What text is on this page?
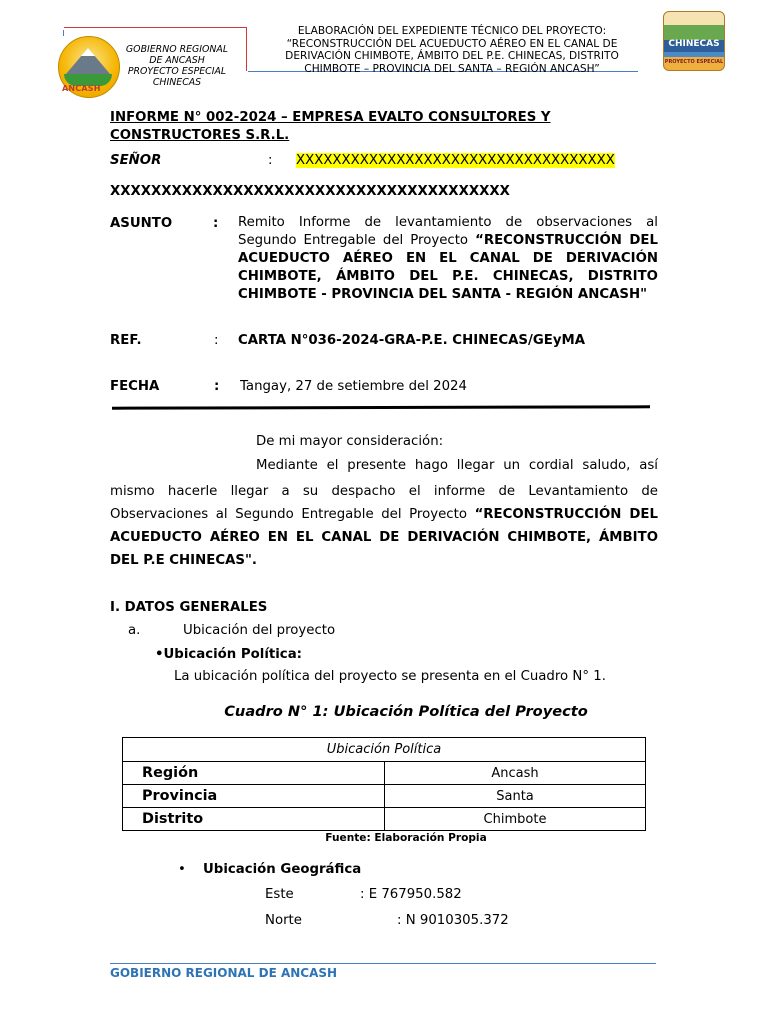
ANCASH
GOBIERNO REGIONAL
DE ANCASH
PROYECTO ESPECIAL
CHINECAS
ELABORACIÓN DEL EXPEDIENTE TÉCNICO DEL PROYECTO: “RECONSTRUCCIÓN DEL ACUEDUCTO AÉREO EN EL CANAL DE DERIVACIÓN CHIMBOTE, ÁMBITO DEL P.E. CHINECAS, DISTRITO CHIMBOTE – PROVINCIA DEL SANTA – REGIÓN ANCASH”
CHINECAS
PROYECTO ESPECIAL
INFORME N° 002-2024 – EMPRESA EVALTO CONSULTORES Y
CONSTRUCTORES S.R.L.
SEÑOR	: XXXXXXXXXXXXXXXXXXXXXXXXXXXXXXXXXXX
XXXXXXXXXXXXXXXXXXXXXXXXXXXXXXXXXXXXXXX
ASUNTO	: Remito Informe de levantamiento de observaciones al Segundo Entregable del Proyecto “RECONSTRUCCIÓN DEL ACUEDUCTO AÉREO EN EL CANAL DE DERIVACIÓN CHIMBOTE, ÁMBITO DEL P.E. CHINECAS, DISTRITO CHIMBOTE - PROVINCIA DEL SANTA - REGIÓN ANCASH"
REF.	: CARTA N°036-2024-GRA-P.E. CHINECAS/GEyMA
FECHA	: Tangay, 27 de setiembre del 2024
De mi mayor consideración:
Mediante el presente hago llegar un cordial saludo, así
mismo hacerle llegar a su despacho el informe de Levantamiento de Observaciones al Segundo Entregable del Proyecto “RECONSTRUCCIÓN DEL ACUEDUCTO AÉREO EN EL CANAL DE DERIVACIÓN CHIMBOTE, ÁMBITO DEL P.E CHINECAS".
I. DATOS GENERALES
a.	Ubicación del proyecto
•Ubicación Política:
La ubicación política del proyecto se presenta en el Cuadro N° 1.
Cuadro N° 1: Ubicación Política del Proyecto
Ubicación Política	
Región	Ancash
Provincia	Santa
Distrito	Chimbote
Fuente: Elaboración Propia
• Ubicación Geográfica
Este	: E 767950.582
Norte	: N 9010305.372
GOBIERNO REGIONAL DE ANCASH
